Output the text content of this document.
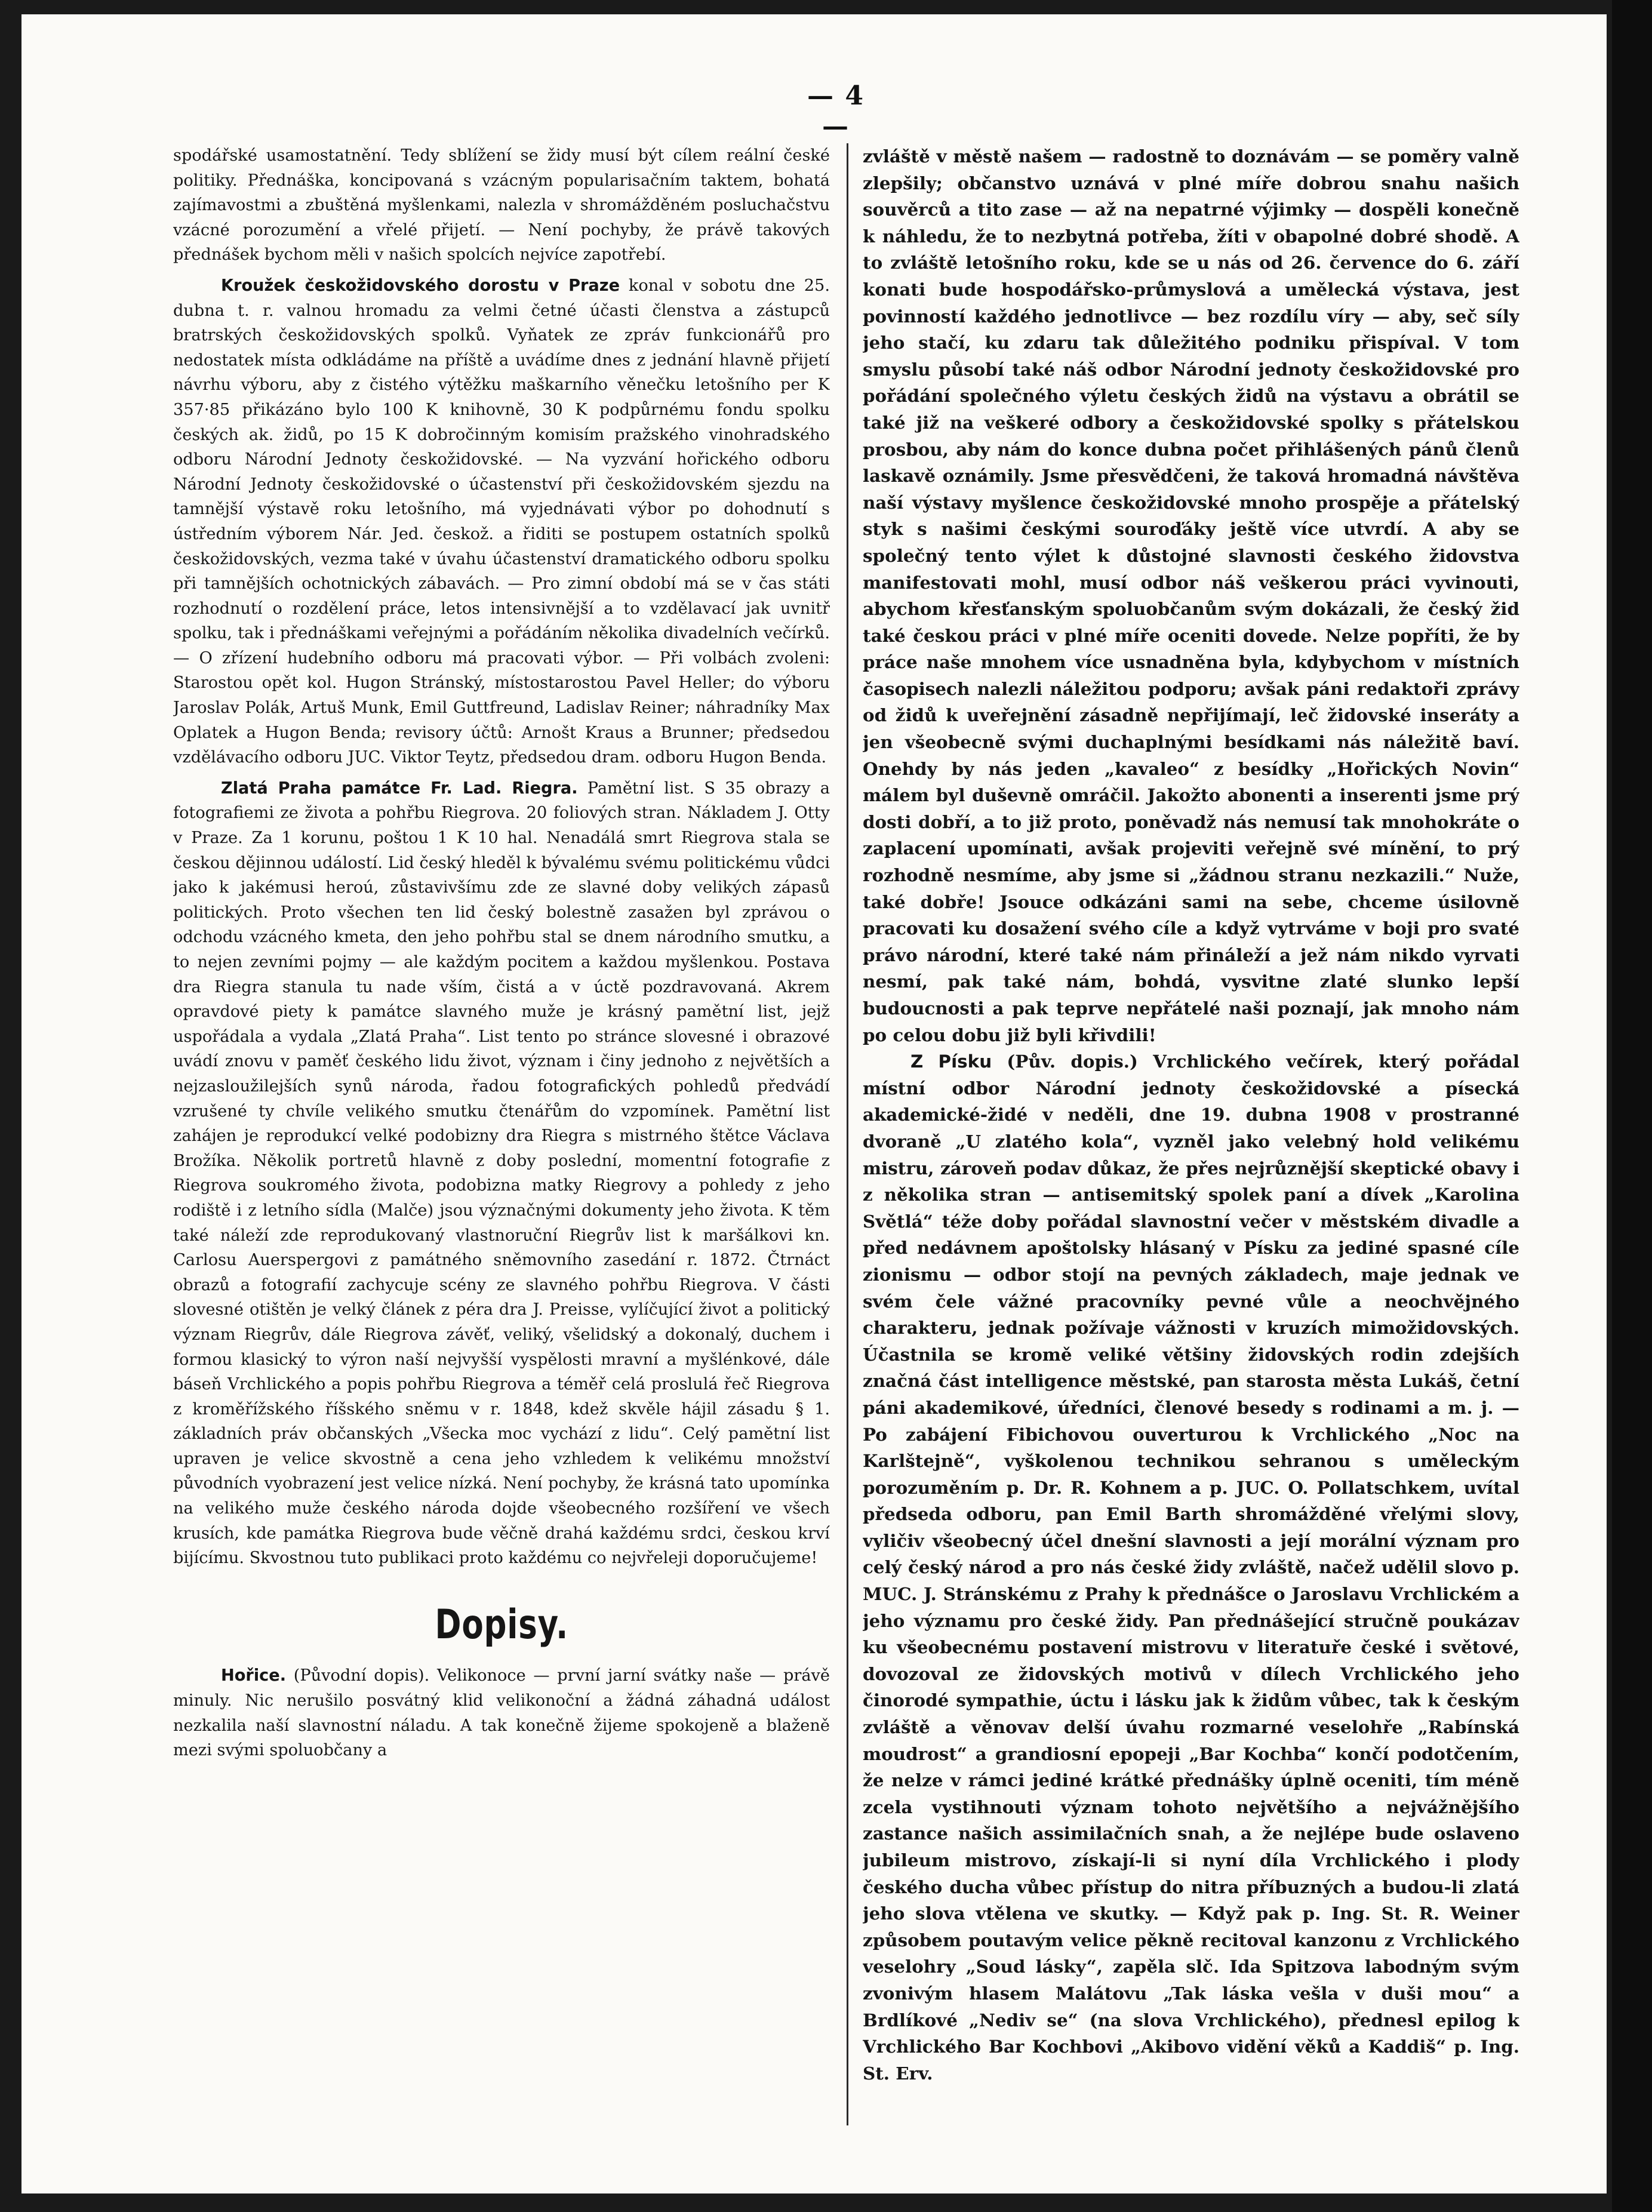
— 4 —

spodářské usamostatnění. Tedy sblížení se židy musí být cílem reální české politiky. Přednáška, koncipovaná s vzácným popularisačním taktem, bohatá zajímavostmi a zbuštěná myšlenkami, nalezla v shromážděném posluchačstvu vzácné porozumění a vřelé přijetí. — Není pochyby, že právě takových přednášek bychom měli v našich spolcích nejvíce zapotřebí.

Kroužek českožidovského dorostu v Praze konal v sobotu dne 25. dubna t. r. valnou hromadu za velmi četné účasti členstva a zástupců bratrských českožidovských spolků. Vyňatek ze zpráv funkcionářů pro nedostatek místa odkládáme na příště a uvádíme dnes z jednání hlavně přijetí návrhu výboru, aby z čistého výtěžku maškarního věnečku letošního per K 357·85 přikázáno bylo 100 K knihovně, 30 K podpůrnému fondu spolku českých ak. židů, po 15 K dobročinným komisím pražského vinohradského odboru Národní Jednoty českožidovské. — Na vyzvání hořického odboru Národní Jednoty českožidovské o účastenství při českožidovském sjezdu na tamnější výstavě roku letošního, má vyjednávati výbor po dohodnutí s ústředním výborem Nár. Jed. českož. a řiditi se postupem ostatních spolků českožidovských, vezma také v úvahu účastenství dramatického odboru spolku při tamnějších ochotnických zábavách. — Pro zimní období má se v čas státi rozhodnutí o rozdělení práce, letos intensivnější a to vzdělavací jak uvnitř spolku, tak i přednáškami veřejnými a pořádáním několika divadelních večírků. — O zřízení hudebního odboru má pracovati výbor. — Při volbách zvoleni: Starostou opět kol. Hugon Stránský, místostarostou Pavel Heller; do výboru Jaroslav Polák, Artuš Munk, Emil Guttfreund, Ladislav Reiner; náhradníky Max Oplatek a Hugon Benda; revisory účtů: Arnošt Kraus a Brunner; předsedou vzdělávacího odboru JUC. Viktor Teytz, předsedou dram. odboru Hugon Benda.

Zlatá Praha památce Fr. Lad. Riegra. Pamětní list. S 35 obrazy a fotografiemi ze života a pohřbu Riegrova. 20 foliových stran. Nákladem J. Otty v Praze. Za 1 korunu, poštou 1 K 10 hal. Nenadálá smrt Riegrova stala se českou dějinnou událostí. Lid český hleděl k bývalému svému politickému vůdci jako k jakémusi heroú, zůstavivšímu zde ze slavné doby velikých zápasů politických. Proto všechen ten lid český bolestně zasažen byl zprávou o odchodu vzácného kmeta, den jeho pohřbu stal se dnem národního smutku, a to nejen zevními pojmy — ale každým pocitem a každou myšlenkou. Postava dra Riegra stanula tu nade vším, čistá a v úctě pozdravovaná. Akrem opravdové piety k památce slavného muže je krásný pamětní list, jejž uspořádala a vydala „Zlatá Praha“. List tento po stránce slovesné i obrazové uvádí znovu v paměť českého lidu život, význam i činy jednoho z největších a nejzasloužilejších synů národa, řadou fotografických pohledů předvádí vzrušené ty chvíle velikého smutku čtenářům do vzpomínek. Pamětní list zahájen je reprodukcí velké podobizny dra Riegra s mistrného štětce Václava Brožíka. Několik portretů hlavně z doby poslední, momentní fotografie z Riegrova soukromého života, podobizna matky Riegrovy a pohledy z jeho rodiště i z letního sídla (Malče) jsou význačnými dokumenty jeho života. K těm také náleží zde reprodukovaný vlastnoruční Riegrův list k maršálkovi kn. Carlosu Auerspergovi z památného sněmovního zasedání r. 1872. Čtrnáct obrazů a fotografií zachycuje scény ze slavného pohřbu Riegrova. V části slovesné otištěn je velký článek z péra dra J. Preisse, vylíčující život a politický význam Riegrův, dále Riegrova závěť, veliký, všelidský a dokonalý, duchem i formou klasický to výron naší nejvyšší vyspělosti mravní a myšlénkové, dále báseň Vrchlického a popis pohřbu Riegrova a téměř celá proslulá řeč Riegrova z kroměřížského říšského sněmu v r. 1848, kdež skvěle hájil zásadu § 1. základních práv občanských „Všecka moc vychází z lidu“. Celý pamětní list upraven je velice skvostně a cena jeho vzhledem k velikému množství původních vyobrazení jest velice nízká. Není pochyby, že krásná tato upomínka na velikého muže českého národa dojde všeobecného rozšíření ve všech krusích, kde památka Riegrova bude věčně drahá každému srdci, českou krví bijícímu. Skvostnou tuto publikaci proto každému co nejvřeleji doporučujeme!

Dopisy.

Hořice. (Původní dopis). Velikonoce — první jarní svátky naše — právě minuly. Nic nerušilo posvátný klid velikonoční a žádná záhadná událost nezkalila naší slavnostní náladu. A tak konečně žijeme spokojeně a blaženě mezi svými spoluobčany a

zvláště v městě našem — radostně to doznávám — se poměry valně zlepšily; občanstvo uznává v plné míře dobrou snahu našich souvěrců a tito zase — až na nepatrné výjimky — dospěli konečně k náhledu, že to nezbytná potřeba, žíti v obapolné dobré shodě. A to zvláště letošního roku, kde se u nás od 26. července do 6. září konati bude hospodářsko-průmyslová a umělecká výstava, jest povinností každého jednotlivce — bez rozdílu víry — aby, seč síly jeho stačí, ku zdaru tak důležitého podniku přispíval. V tom smyslu působí také náš odbor Národní jednoty českožidovské pro pořádání společného výletu českých židů na výstavu a obrátil se také již na veškeré odbory a českožidovské spolky s přátelskou prosbou, aby nám do konce dubna počet přihlášených pánů členů laskavě oznámily. Jsme přesvědčeni, že taková hromadná návštěva naší výstavy myšlence českožidovské mnoho prospěje a přátelský styk s našimi českými souroďáky ještě více utvrdí. A aby se společný tento výlet k důstojné slavnosti českého židovstva manifestovati mohl, musí odbor náš veškerou práci vyvinouti, abychom křesťanským spoluobčanům svým dokázali, že český žid také českou práci v plné míře oceniti dovede. Nelze popříti, že by práce naše mnohem více usnadněna byla, kdybychom v místních časopisech nalezli náležitou podporu; avšak páni redaktoři zprávy od židů k uveřejnění zásadně nepřijímají, leč židovské inseráty a jen všeobecně svými duchaplnými besídkami nás náležitě baví. Onehdy by nás jeden „kavaleo“ z besídky „Hořických Novin“ málem byl duševně omráčil. Jakožto abonenti a inserenti jsme prý dosti dobří, a to již proto, poněvadž nás nemusí tak mnohokráte o zaplacení upomínati, avšak projeviti veřejně své mínění, to prý rozhodně nesmíme, aby jsme si „žádnou stranu nezkazili.“ Nuže, také dobře! Jsouce odkázáni sami na sebe, chceme úsilovně pracovati ku dosažení svého cíle a když vytrváme v boji pro svaté právo národní, které také nám přináleží a jež nám nikdo vyrvati nesmí, pak také nám, bohdá, vysvitne zlaté slunko lepší budoucnosti a pak teprve nepřátelé naši poznají, jak mnoho nám po celou dobu již byli křivdili!

Z Písku (Pův. dopis.) Vrchlického večírek, který pořádal místní odbor Národní jednoty českožidovské a písecká akademické-židé v neděli, dne 19. dubna 1908 v prostranné dvoraně „U zlatého kola“, vyzněl jako velebný hold velikému mistru, zároveň podav důkaz, že přes nejrůznější skeptické obavy i z několika stran — antisemitský spolek paní a dívek „Karolina Světlá“ téže doby pořádal slavnostní večer v městském divadle a před nedávnem apoštolsky hlásaný v Písku za jediné spasné cíle zionismu — odbor stojí na pevných základech, maje jednak ve svém čele vážné pracovníky pevné vůle a neochvějného charakteru, jednak požívaje vážnosti v kruzích mimožidovských. Účastnila se kromě veliké většiny židovských rodin zdejších značná část intelligence městské, pan starosta města Lukáš, četní páni akademikové, úředníci, členové besedy s rodinami a m. j. — Po zabájení Fibichovou ouverturou k Vrchlického „Noc na Karlštejně“, vyškolenou technikou sehranou s uměleckým porozuměním p. Dr. R. Kohnem a p. JUC. O. Pollatschkem, uvítal předseda odboru, pan Emil Barth shromážděné vřelými slovy, vyličiv všeobecný účel dnešní slavnosti a její morální význam pro celý český národ a pro nás české židy zvláště, načež udělil slovo p. MUC. J. Stránskému z Prahy k přednášce o Jaroslavu Vrchlickém a jeho významu pro české židy. Pan přednášející stručně poukázav ku všeobecnému postavení mistrovu v literatuře české i světové, dovozoval ze židovských motivů v dílech Vrchlického jeho činorodé sympathie, úctu i lásku jak k židům vůbec, tak k českým zvláště a věnovav delší úvahu rozmarné veselohře „Rabínská moudrost“ a grandiosní epopeji „Bar Kochba“ končí podotčením, že nelze v rámci jediné krátké přednášky úplně oceniti, tím méně zcela vystihnouti význam tohoto největšího a nejvážnějšího zastance našich assimilačních snah, a že nejlépe bude oslaveno jubileum mistrovo, získají-li si nyní díla Vrchlického i plody českého ducha vůbec přístup do nitra příbuzných a budou-li zlatá jeho slova vtělena ve skutky. — Když pak p. Ing. St. R. Weiner způsobem poutavým velice pěkně recitoval kanzonu z Vrchlického veselohry „Soud lásky“, zapěla slč. Ida Spitzova labodným svým zvonivým hlasem Malátovu „Tak láska vešla v duši mou“ a Brdlíkové „Nediv se“ (na slova Vrchlického), přednesl epilog k Vrchlického Bar Kochbovi „Akibovo vidění věků a Kaddiš“ p. Ing. St. Erv.
